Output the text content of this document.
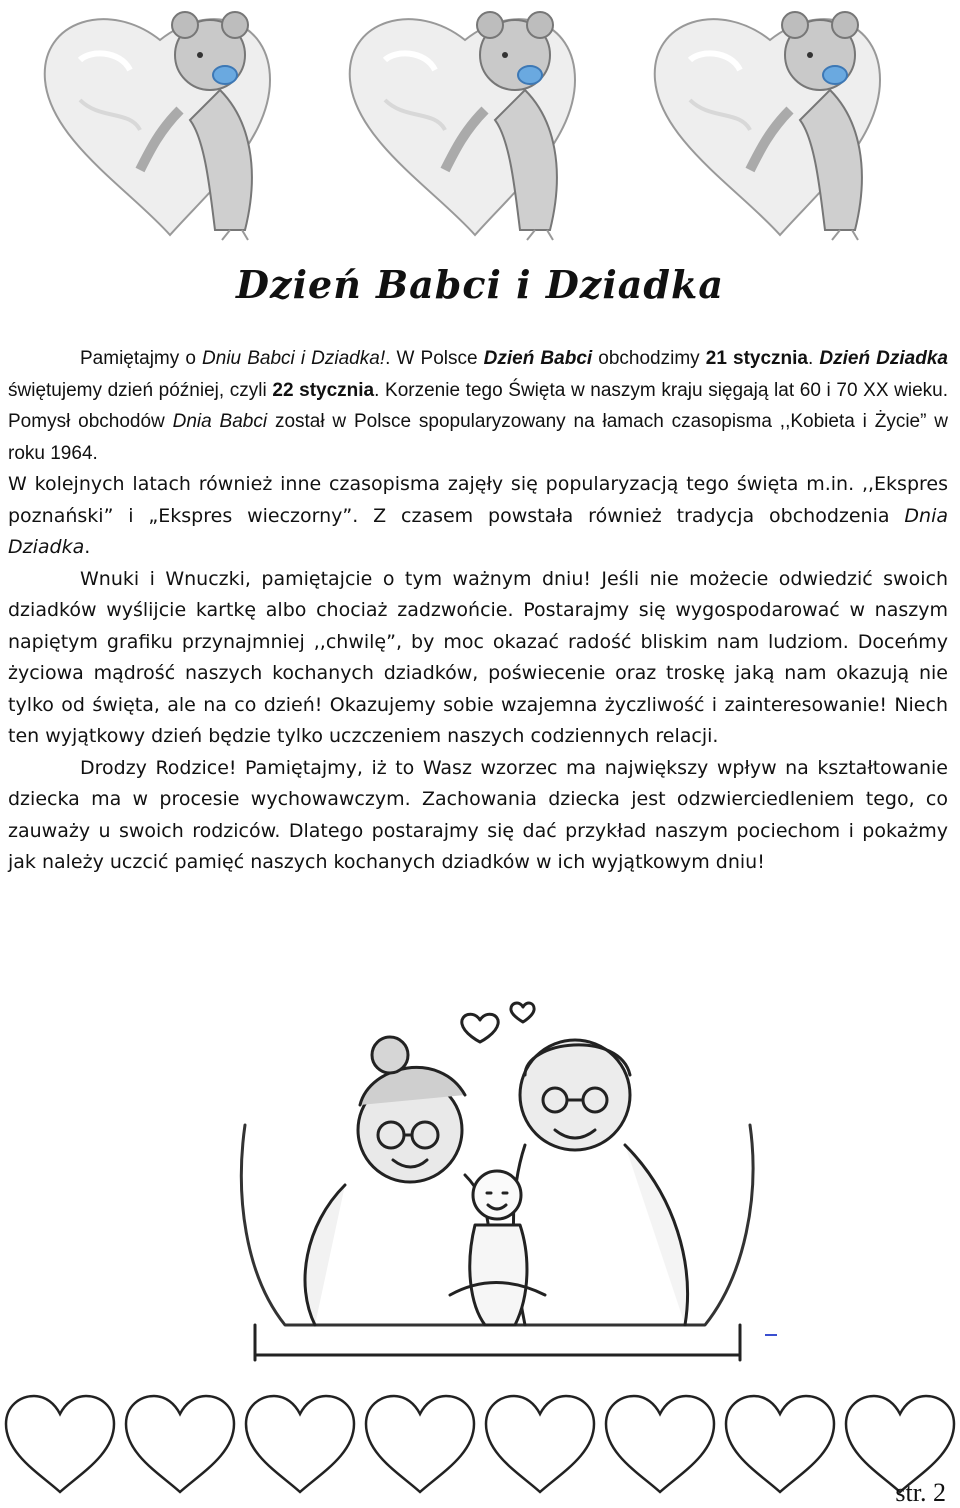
Dzień Babci i Dziadka

Pamiętajmy o Dniu Babci i Dziadka!. W Polsce Dzień Babci obchodzimy 21 stycznia. Dzień Dziadka świętujemy dzień później, czyli 22 stycznia. Korzenie tego Święta w naszym kraju sięgają lat 60 i 70 XX wieku. Pomysł obchodów Dnia Babci został w Polsce spopularyzowany na łamach czasopisma ,,Kobieta i Życie” w roku 1964.

W kolejnych latach również inne czasopisma zajęły się popularyzacją tego święta m.in. ,,Ekspres poznański” i „Ekspres wieczorny”. Z czasem powstała również tradycja obchodzenia Dnia Dziadka.

Wnuki i Wnuczki, pamiętajcie o tym ważnym dniu! Jeśli nie możecie odwiedzić swoich dziadków wyślijcie kartkę albo chociaż zadzwońcie. Postarajmy się wygospodarować w naszym napiętym grafiku przynajmniej ,,chwilę”, by moc okazać radość bliskim nam ludziom. Doceńmy życiowa mądrość naszych kochanych dziadków, poświecenie oraz troskę jaką nam okazują nie tylko od święta, ale na co dzień! Okazujemy sobie wzajemna życzliwość i zainteresowanie! Niech ten wyjątkowy dzień będzie tylko uczczeniem naszych codziennych relacji.

Drodzy Rodzice! Pamiętajmy, iż to Wasz wzorzec ma największy wpływ na kształtowanie dziecka ma w procesie wychowawczym. Zachowania dziecka jest odzwierciedleniem tego, co zauważy u swoich rodziców. Dlatego postarajmy się dać przykład naszym pociechom i pokażmy jak należy uczcić pamięć naszych kochanych dziadków w ich wyjątkowym dniu!

str. 2
